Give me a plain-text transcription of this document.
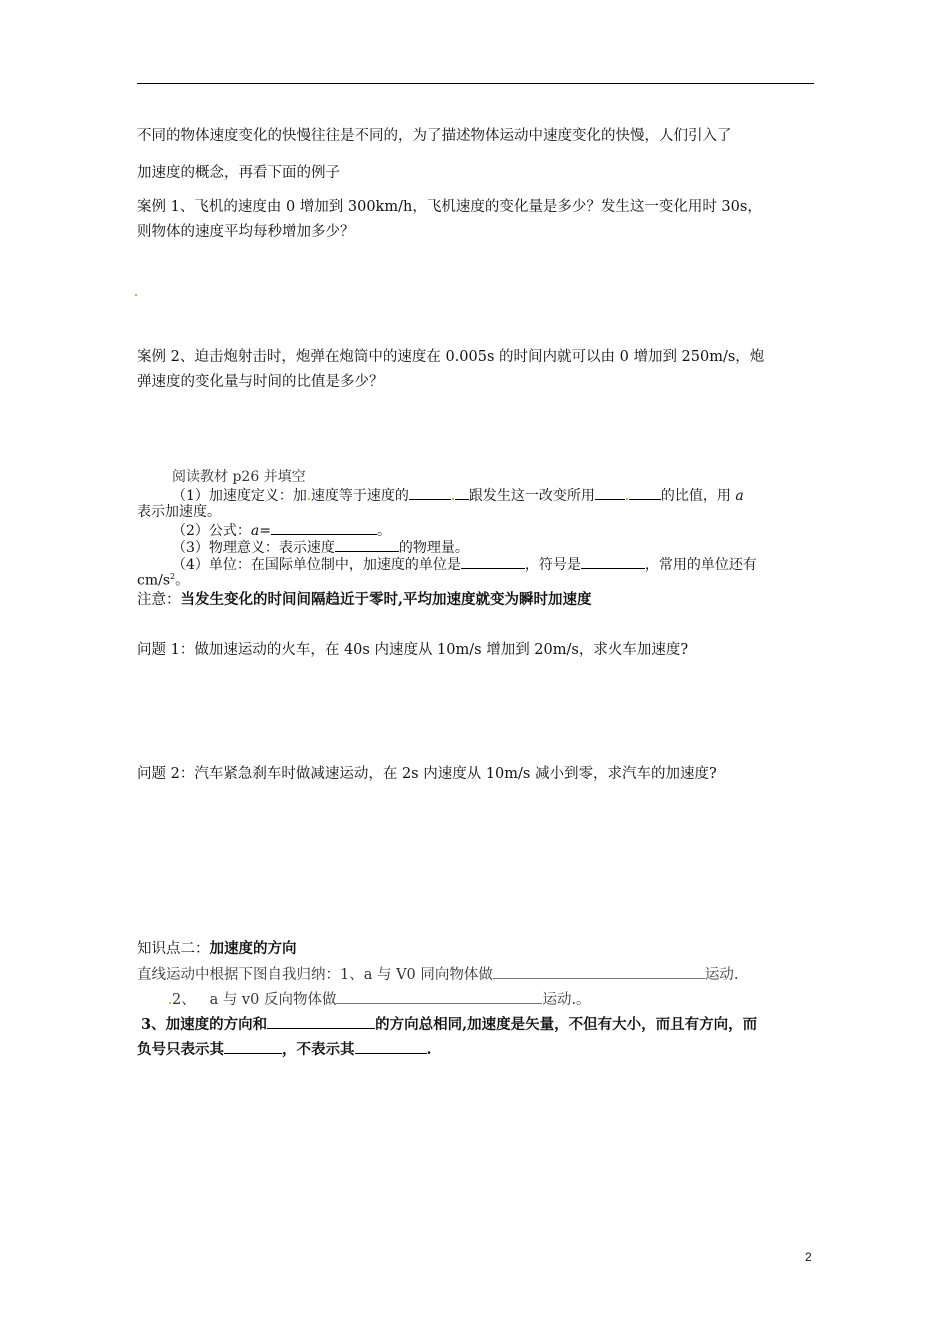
不同的物体速度变化的快慢往往是不同的，为了描述物体运动中速度变化的快慢，人们引入了
加速度的概念，再看下面的例子
案例 1、飞机的速度由 0 增加到 300km/h，飞机速度的变化量是多少？发生这一变化用时 30s，
则物体的速度平均每秒增加多少？
案例 2、迫击炮射击时，炮弹在炮筒中的速度在 0.005s 的时间内就可以由 0 增加到 250m/s，炮
弹速度的变化量与时间的比值是多少？
阅读教材 p26 并填空
（1）加速度定义：加 速度等于速度的	跟发生这一改变所用	的比值，用 a
表示加速度。
（2）公式：a=	。
（3）物理意义：表示速度	的物理量。
（4）单位：在国际单位制中，加速度的单位是	，符号是	，常用的单位还有
$cm/s^2$。
注意：当发生变化的时间间隔趋近于零时,平均加速度就变为瞬时加速度
问题 1：做加速运动的火车，在 40s 内速度从 10m/s 增加到 20m/s，求火车加速度?
问题 2：汽车紧急刹车时做减速运动，在 2s 内速度从 10m/s 减小到零，求汽车的加速度?
知识点二：加速度的方向
直线运动中根据下图自我归纳：1、a 与 V0 同向物体做	运动.
2、 a 与 v0 反向物体做	运动.。
3、加速度的方向和	的方向总相同,加速度是矢量，不但有大小，而且有方向，而
负号只表示其	，不表示其	.
2
